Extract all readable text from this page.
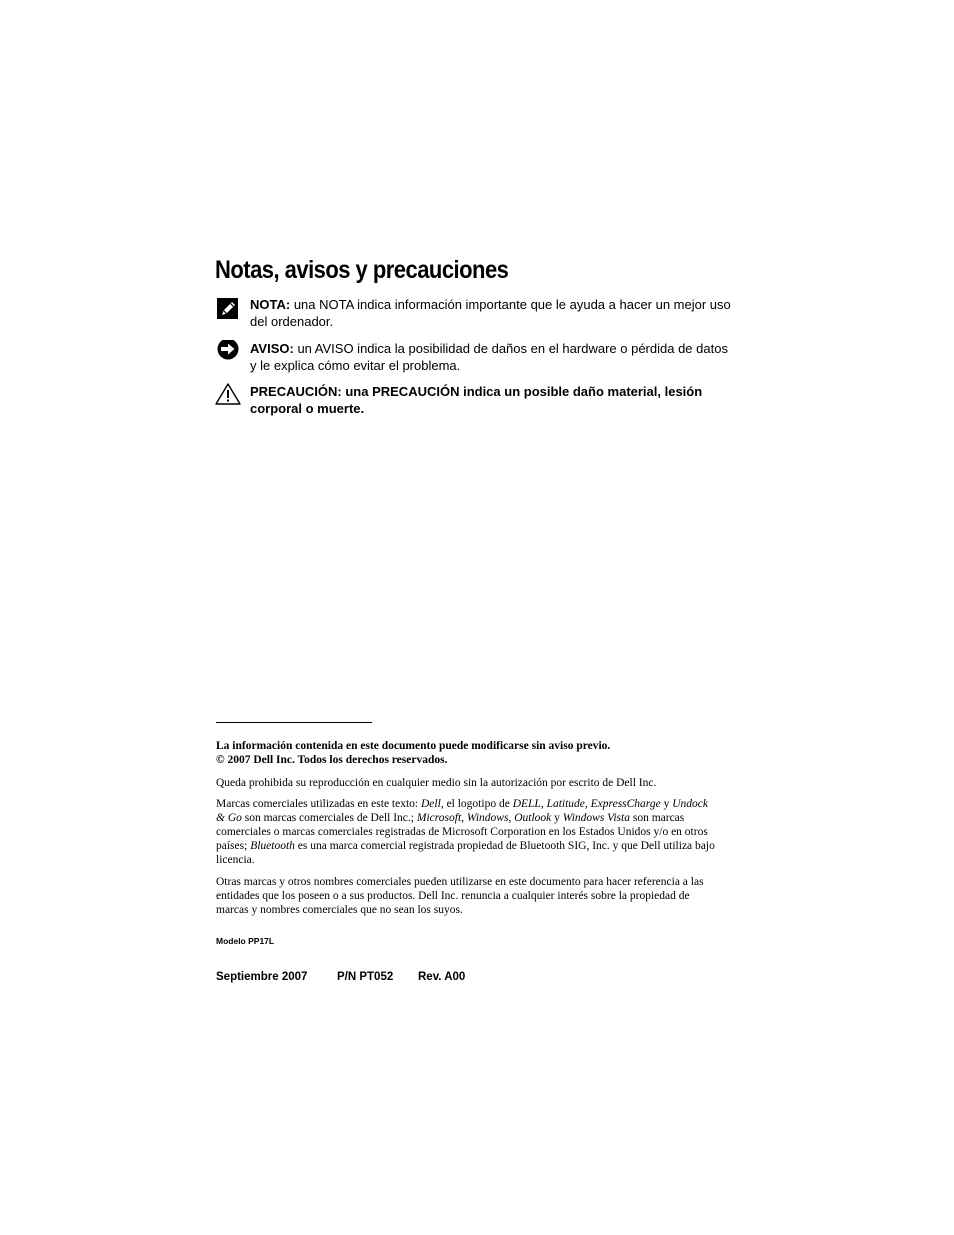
Notas, avisos y precauciones
NOTA: una NOTA indica información importante que le ayuda a hacer un mejor uso del ordenador.
AVISO: un AVISO indica la posibilidad de daños en el hardware o pérdida de datos y le explica cómo evitar el problema.
PRECAUCIÓN: una PRECAUCIÓN indica un posible daño material, lesión corporal o muerte.

La información contenida en este documento puede modificarse sin aviso previo.
© 2007 Dell Inc. Todos los derechos reservados.

Queda prohibida su reproducción en cualquier medio sin la autorización por escrito de Dell Inc.

Marcas comerciales utilizadas en este texto: Dell, el logotipo de DELL, Latitude, ExpressCharge y Undock & Go son marcas comerciales de Dell Inc.; Microsoft, Windows, Outlook y Windows Vista son marcas comerciales o marcas comerciales registradas de Microsoft Corporation en los Estados Unidos y/o en otros países; Bluetooth es una marca comercial registrada propiedad de Bluetooth SIG, Inc. y que Dell utiliza bajo licencia.

Otras marcas y otros nombres comerciales pueden utilizarse en este documento para hacer referencia a las entidades que los poseen o a sus productos. Dell Inc. renuncia a cualquier interés sobre la propiedad de marcas y nombres comerciales que no sean los suyos.

Modelo PP17L

Septiembre 2007	P/N PT052 Rev. A00
